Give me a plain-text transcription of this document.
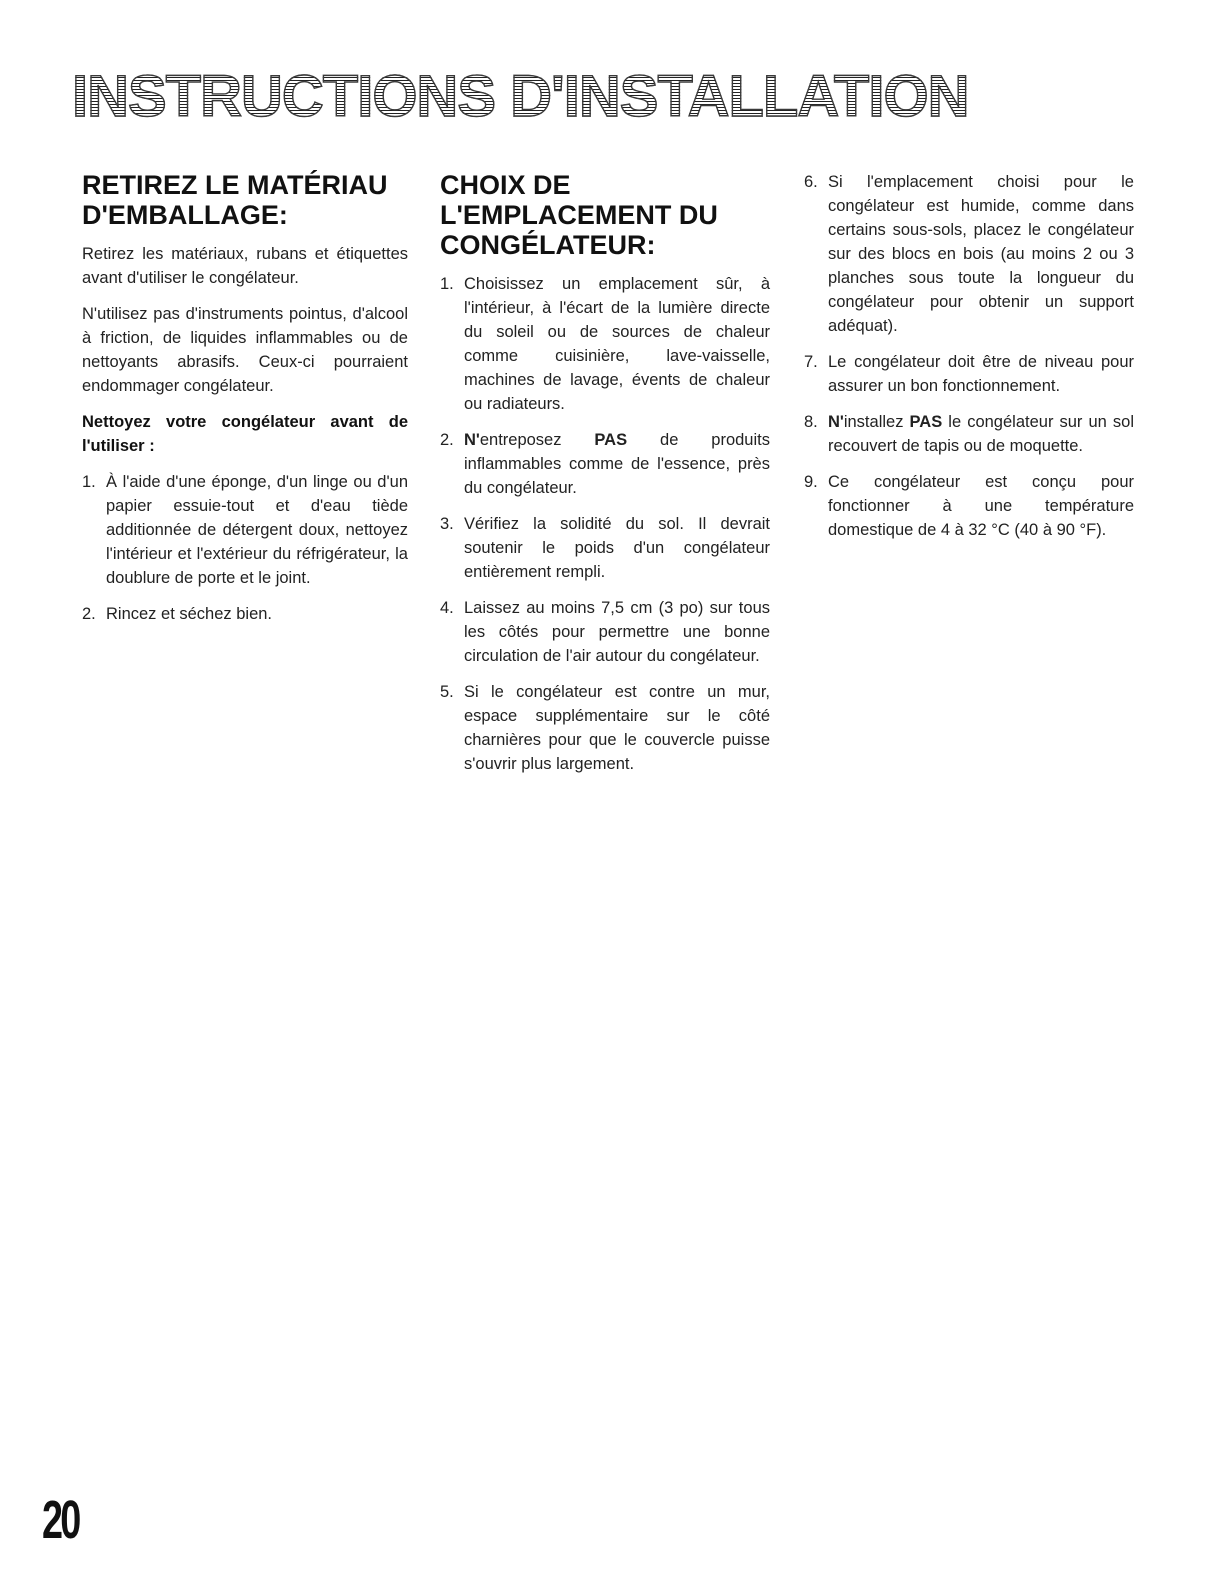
INSTRUCTIONS D'INSTALLATION
RETIREZ LE MATÉRIAU
D'EMBALLAGE:

Retirez les matériaux, rubans et étiquettes avant d'utiliser le congélateur.

N'utilisez pas d'instruments pointus, d'alcool à friction, de liquides inflammables ou de nettoyants abrasifs. Ceux-ci pourraient endommager congélateur.

Nettoyez votre congélateur avant de l'utiliser :

1. À l'aide d'une éponge, d'un linge ou d'un papier essuie-tout et d'eau tiède additionnée de détergent doux, nettoyez l'intérieur et l'extérieur du réfrigérateur, la doublure de porte et le joint.
2. Rincez et séchez bien.
CHOIX DE
L'EMPLACEMENT DU
CONGÉLATEUR:
1. Choisissez un emplacement sûr, à l'intérieur, à l'écart de la lumière directe du soleil ou de sources de chaleur comme cuisinière, lave-vaisselle, machines de lavage, évents de chaleur ou radiateurs.
2. N'entreposez PAS de produits inflammables comme de l'essence, près du congélateur.
3. Vérifiez la solidité du sol. Il devrait soutenir le poids d'un congélateur entièrement rempli.
4. Laissez au moins 7,5 cm (3 po) sur tous les côtés pour permettre une bonne circulation de l'air autour du congélateur.
5. Si le congélateur est contre un mur, espace supplémentaire sur le côté charnières pour que le couvercle puisse s'ouvrir plus largement.
6. Si l'emplacement choisi pour le congélateur est humide, comme dans certains sous-sols, placez le congélateur sur des blocs en bois (au moins 2 ou 3 planches sous toute la longueur du congélateur pour obtenir un support adéquat).
7. Le congélateur doit être de niveau pour assurer un bon fonctionnement.
8. N'installez PAS le congélateur sur un sol recouvert de tapis ou de moquette.
9. Ce congélateur est conçu pour fonctionner à une température domestique de 4 à 32 °C (40 à 90 °F).
20
